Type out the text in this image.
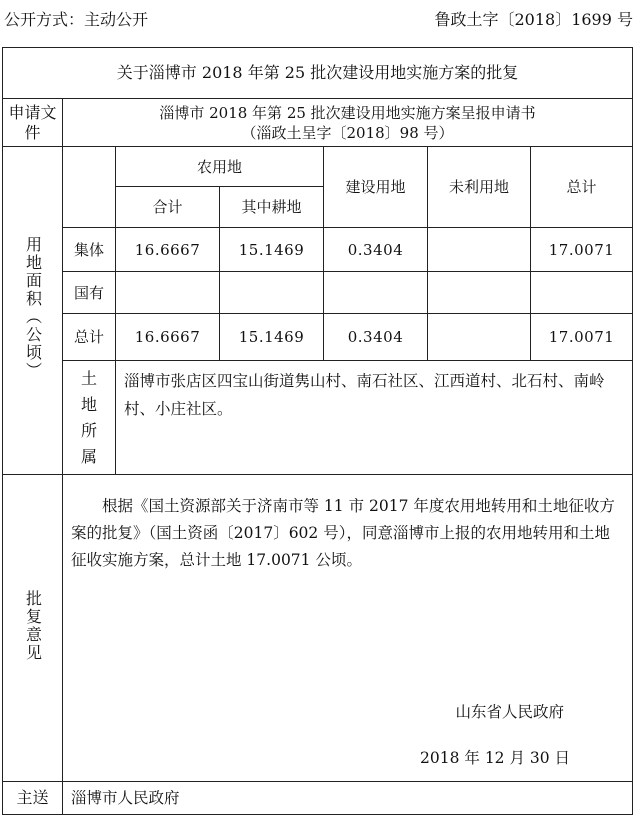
公开方式：主动公开	鲁政土字〔2018〕1699 号
关于淄博市 2018 年第 25 批次建设用地实施方案的批复						
申请文件	淄博市 2018 年第 25 批次建设用地实施方案呈报申请书
（淄政土呈字〔2018〕98 号）					

用地面积（公顷）		农用地		建设用地	未利用地	总计
		合计	其中耕地			
	集体	16.6667	15.1469	0.3404		17.0071
	国有					
	总计	16.6667	15.1469	0.3404		17.0071
	土地
所属	淄博市张店区四宝山街道隽山村、南石社区、江西道村、北石村、南岭村、小庄社区。				
批复意见	根据《国土资源部关于济南市等 11 市 2017 年度农用地转用和土地征收方案的批复》（国土资函〔2017〕602 号），同意淄博市上报的农用地转用和土地征收实施方案，总计土地 17.0071 公顷。
山东省人民政府
2018 年 12 月 30 日					

主送	淄博市人民政府					
